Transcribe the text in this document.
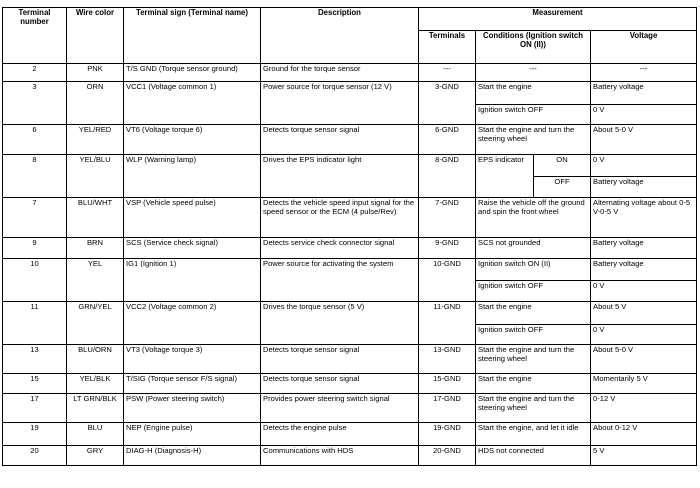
Terminal number	Wire color	Terminal sign (Terminal name)	Description	Measurement			
				Terminals	Conditions (Ignition switch ON (II))		Voltage
2	PNK	T/S GND (Torque sensor ground)	Ground for the torque sensor	---	---		---
3	ORN	VCC1 (Voltage common 1)	Power source for torque sensor (12 V)	3-GND	Start the engine		Battery voltage
					Ignition switch OFF		0 V
6	YEL/RED	VT6 (Voltage torque 6)	Detects torque sensor signal	6-GND	Start the engine and turn the steering wheel		About 5-0 V
8	YEL/BLU	WLP (Warning lamp)	Drives the EPS indicator light	8-GND	EPS indicator	ON	0 V
						OFF	Battery voltage
7	BLU/WHT	VSP (Vehicle speed pulse)	Detects the vehicle speed input signal for the speed sensor or the ECM (4 pulse/Rev)	7-GND	Raise the vehicle off the ground and spin the front wheel		Alternating voltage about 0-5 V-0-5 V
9	BRN	SCS (Service check signal)	Detects service check connector signal	9-GND	SCS not grounded		Battery voltage
10	YEL	IG1 (Ignition 1)	Power source for activating the system	10-GND	Ignition switch ON (II)		Battery voltage
					Ignition switch OFF		0 V
11	GRN/YEL	VCC2 (Voltage common 2)	Drives the torque sensor (5 V)	11-GND	Start the engine		About 5 V
					Ignition switch OFF		0 V
13	BLU/ORN	VT3 (Voltage torque 3)	Detects torque sensor signal	13-GND	Start the engine and turn the steering wheel		About 5-0 V
15	YEL/BLK	T/SIG (Torque sensor F/S signal)	Detects torque sensor signal	15-GND	Start the engine		Momentarily 5 V
17	LT GRN/BLK	PSW (Power steering switch)	Provides power steering switch signal	17-GND	Start the engine and turn the steering wheel		0-12 V
19	BLU	NEP (Engine pulse)	Detects the engine pulse	19-GND	Start the engine, and let it idle		About 0-12 V
20	GRY	DIAG-H (Diagnosis-H)	Communications with HDS	20-GND	HDS not connected		5 V
